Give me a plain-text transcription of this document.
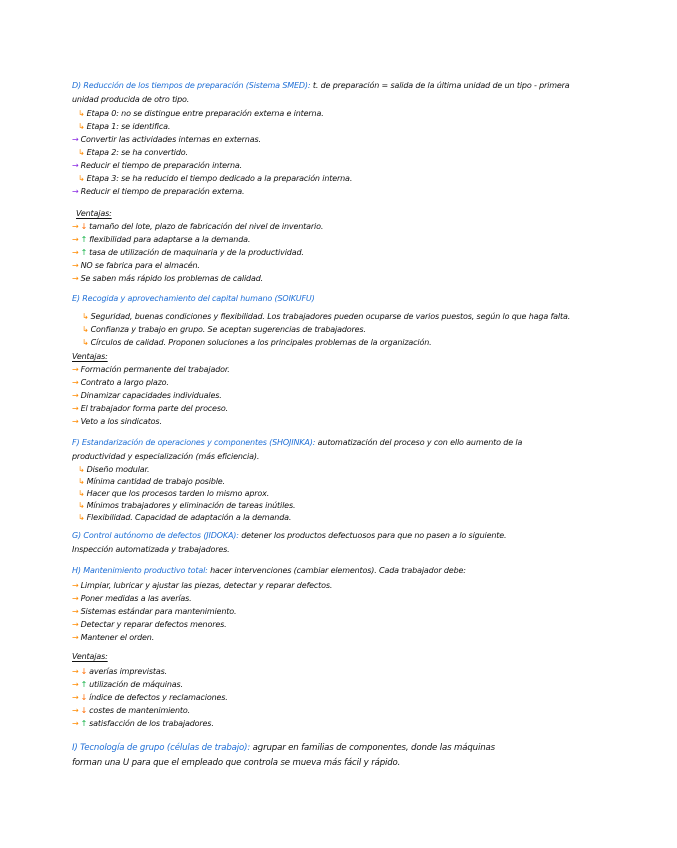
D) Reducción de los tiempos de preparación (Sistema SMED): t. de preparación = salida de la última unidad de un tipo - primera
unidad producida de otro tipo.
↳ Etapa 0: no se distingue entre preparación externa e interna.
↳ Etapa 1: se identifica.
→ Convertir las actividades internas en externas.
↳ Etapa 2: se ha convertido.
→ Reducir el tiempo de preparación interna.
↳ Etapa 3: se ha reducido el tiempo dedicado a la preparación interna.
→ Reducir el tiempo de preparación externa.
Ventajas:
→ ↓ tamaño del lote, plazo de fabricación del nivel de inventario.
→ ↑ flexibilidad para adaptarse a la demanda.
→ ↑ tasa de utilización de maquinaria y de la productividad.
→ NO se fabrica para el almacén.
→ Se saben más rápido los problemas de calidad.
E) Recogida y aprovechamiento del capital humano (SOIKUFU)
↳ Seguridad, buenas condiciones y flexibilidad. Los trabajadores pueden ocuparse de varios puestos, según lo que haga falta.
↳ Confianza y trabajo en grupo. Se aceptan sugerencias de trabajadores.
↳ Círculos de calidad. Proponen soluciones a los principales problemas de la organización.
Ventajas:
→ Formación permanente del trabajador.
→ Contrato a largo plazo.
→ Dinamizar capacidades individuales.
→ El trabajador forma parte del proceso.
→ Veto a los sindicatos.
F) Estandarización de operaciones y componentes (SHOJINKA): automatización del proceso y con ello aumento de la
productividad y especialización (más eficiencia).
↳ Diseño modular.
↳ Mínima cantidad de trabajo posible.
↳ Hacer que los procesos tarden lo mismo aprox.
↳ Mínimos trabajadores y eliminación de tareas inútiles.
↳ Flexibilidad. Capacidad de adaptación a la demanda.
G) Control autónomo de defectos (JIDOKA): detener los productos defectuosos para que no pasen a lo siguiente.
Inspección automatizada y trabajadores.
H) Mantenimiento productivo total: hacer intervenciones (cambiar elementos). Cada trabajador debe:
→ Limpiar, lubricar y ajustar las piezas, detectar y reparar defectos.
→ Poner medidas a las averías.
→ Sistemas estándar para mantenimiento.
→ Detectar y reparar defectos menores.
→ Mantener el orden.
Ventajas:
→ ↓ averías imprevistas.
→ ↑ utilización de máquinas.
→ ↓ índice de defectos y reclamaciones.
→ ↓ costes de mantenimiento.
→ ↑ satisfacción de los trabajadores.
I) Tecnología de grupo (células de trabajo): agrupar en familias de componentes, donde las máquinas
forman una U para que el empleado que controla se mueva más fácil y rápido.
